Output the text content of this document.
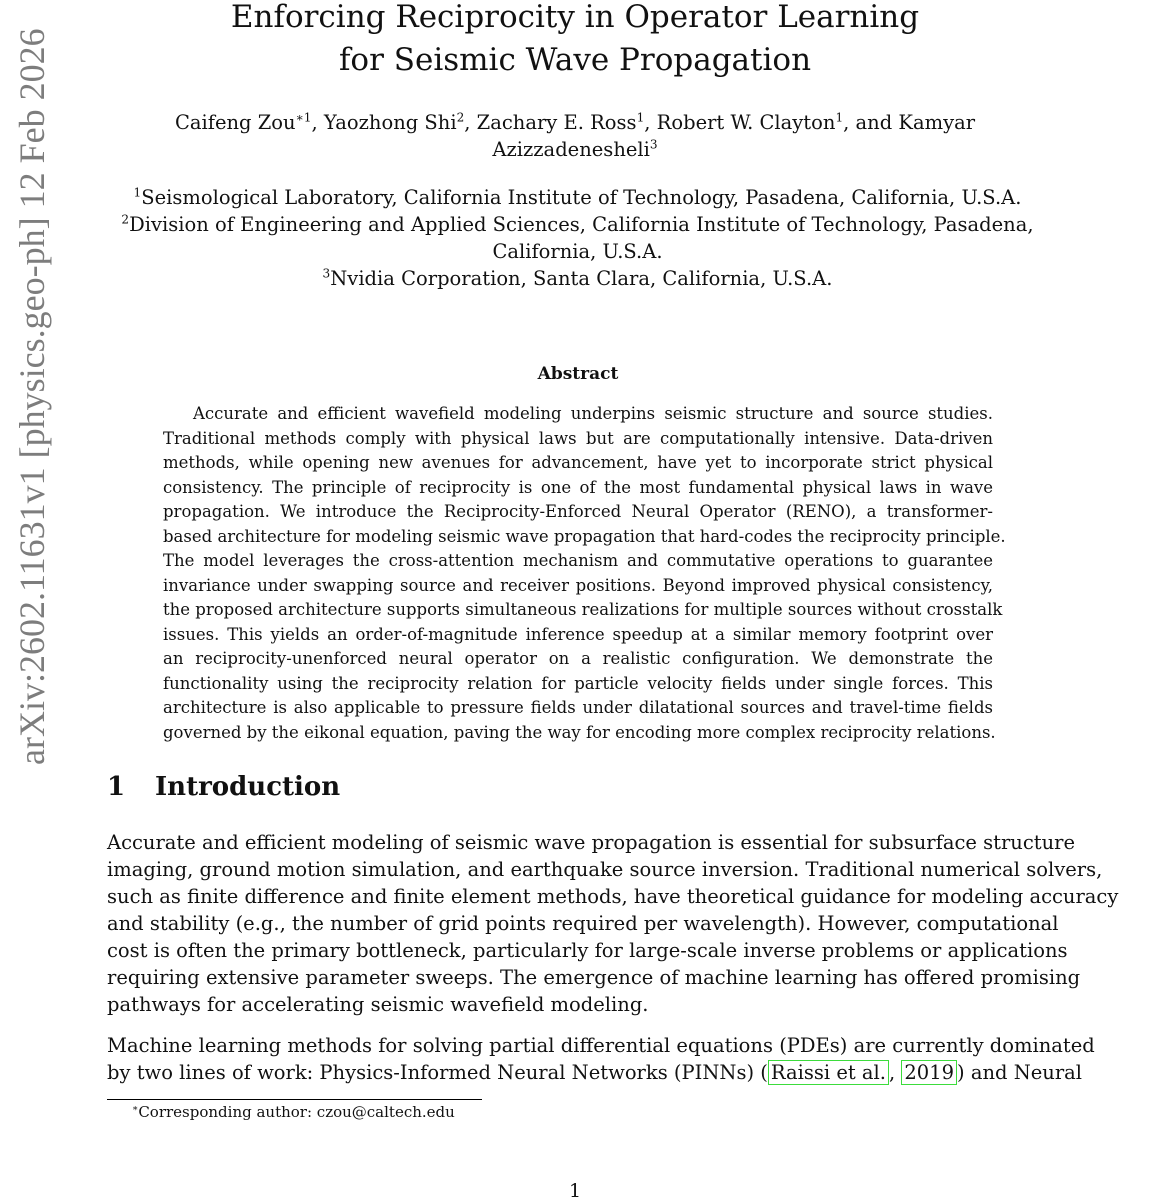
arXiv:2602.11631v1 [physics.geo-ph] 12 Feb 2026
Enforcing Reciprocity in Operator Learning
for Seismic Wave Propagation
Caifeng Zou$^{∗1}$, Yaozhong Shi$^2$, Zachary E. Ross$^1$, Robert W. Clayton$^1$, and Kamyar
Azizzadenesheli$^3$
$^1$Seismological Laboratory, California Institute of Technology, Pasadena, California, U.S.A.
$^2$Division of Engineering and Applied Sciences, California Institute of Technology, Pasadena,
California, U.S.A.
$^3$Nvidia Corporation, Santa Clara, California, U.S.A.
Abstract
Accurate and efficient wavefield modeling underpins seismic structure and source studies.
Traditional methods comply with physical laws but are computationally intensive. Data-driven
methods, while opening new avenues for advancement, have yet to incorporate strict physical
consistency. The principle of reciprocity is one of the most fundamental physical laws in wave
propagation. We introduce the Reciprocity-Enforced Neural Operator (RENO), a transformer-
based architecture for modeling seismic wave propagation that hard-codes the reciprocity principle.
The model leverages the cross-attention mechanism and commutative operations to guarantee
invariance under swapping source and receiver positions. Beyond improved physical consistency,
the proposed architecture supports simultaneous realizations for multiple sources without crosstalk
issues. This yields an order-of-magnitude inference speedup at a similar memory footprint over
an reciprocity-unenforced neural operator on a realistic configuration. We demonstrate the
functionality using the reciprocity relation for particle velocity fields under single forces. This
architecture is also applicable to pressure fields under dilatational sources and travel-time fields
governed by the eikonal equation, paving the way for encoding more complex reciprocity relations.
1 Introduction
Accurate and efficient modeling of seismic wave propagation is essential for subsurface structure
imaging, ground motion simulation, and earthquake source inversion. Traditional numerical solvers,
such as finite difference and finite element methods, have theoretical guidance for modeling accuracy
and stability (e.g., the number of grid points required per wavelength). However, computational
cost is often the primary bottleneck, particularly for large-scale inverse problems or applications
requiring extensive parameter sweeps. The emergence of machine learning has offered promising
pathways for accelerating seismic wavefield modeling.
Machine learning methods for solving partial differential equations (PDEs) are currently dominated
by two lines of work: Physics-Informed Neural Networks (PINNs) ( Raissi et al. , 2019 ) and Neural
∗Corresponding author: czou@caltech.edu
1
